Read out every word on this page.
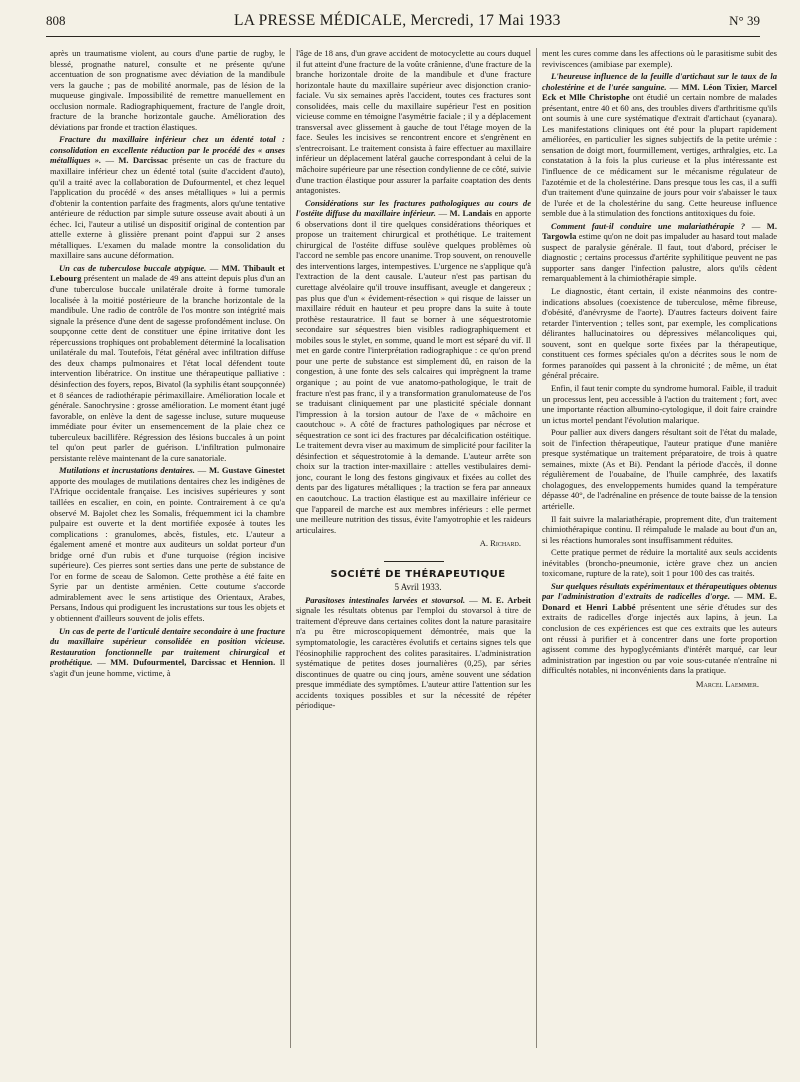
808	LA PRESSE MÉDICALE, Mercredi, 17 Mai 1933	N° 39

après un traumatisme violent, au cours d'une partie de rugby, le blessé, prognathe naturel, consulte et ne présente qu'une accentuation de son prognatisme avec déviation de la mandibule vers la gauche ; pas de mobilité anormale, pas de lésion de la muqueuse gingivale. Impossibilité de remettre manuellement en occlusion normale. Radiographiquement, fracture de l'angle droit, fracture de la branche horizontale gauche. Amélioration des déviations par fronde et traction élastiques.

Fracture du maxillaire inférieur chez un édenté total : consolidation en excellente réduction par le procédé des « anses métalliques ». — M. Darcissac présente un cas de fracture du maxillaire inférieur chez un édenté total (suite d'accident d'auto), qu'il a traité avec la collaboration de Dufourmentel, et chez lequel l'application du procédé « des anses métalliques » lui a permis d'obtenir la contention parfaite des fragments, alors qu'une tentative antérieure de réduction par simple suture osseuse avait abouti à un échec. Ici, l'auteur a utilisé un dispositif original de contention par attelle externe à glissière prenant point d'appui sur 2 anses métalliques. L'examen du malade montre la consolidation du maxillaire sans aucune déformation.

Un cas de tuberculose buccale atypique. — MM. Thibault et Lebourg présentent un malade de 49 ans atteint depuis plus d'un an d'une tuberculose buccale unilatérale droite à forme tumorale localisée à la moitié postérieure de la branche horizontale de la mandibule. Une radio de contrôle de l'os montre son intégrité mais signale la présence d'une dent de sagesse profondément incluse. On soupçonne cette dent de constituer une épine irritative dont les répercussions trophiques ont probablement déterminé la localisation unilatérale du mal. Toutefois, l'état général avec infiltration diffuse des deux champs pulmonaires et l'état local défendent toute intervention libératrice. On institue une thérapeutique palliative : désinfection des foyers, repos, Bivatol (la syphilis étant soupçonnée) et 8 séances de radiothérapie périmaxillaire. Amélioration locale et générale. Sanochrysine : grosse amélioration. Le moment étant jugé favorable, on enlève la dent de sagesse incluse, suture muqueuse immédiate pour éviter un ensemencement de la plaie chez ce tuberculeux bacillifère. Régression des lésions buccales à un point tel qu'on peut parler de guérison. L'infiltration pulmonaire persistante relève maintenant de la cure sanatoriale.

Mutilations et incrustations dentaires. — M. Gustave Ginestet apporte des moulages de mutilations dentaires chez les indigènes de l'Afrique occidentale française. Les incisives supérieures y sont taillées en escalier, en coin, en pointe. Contrairement à ce qu'a observé M. Bajolet chez les Somalis, fréquemment ici la chambre pulpaire est ouverte et la dent mortifiée exposée à toutes les complications : granulomes, abcès, fistules, etc. L'auteur a également amené et montre aux auditeurs un soldat porteur d'un bridge orné d'un rubis et d'une turquoise (région incisive supérieure). Ces pierres sont serties dans une perte de substance de l'or en forme de sceau de Salomon. Cette prothèse a été faite en Syrie par un dentiste arménien. Cette coutume s'accorde admirablement avec le sens artistique des Orientaux, Arabes, Persans, Indous qui prodiguent les incrustations sur tous les objets et y obtiennent d'ailleurs souvent de jolis effets.

Un cas de perte de l'articulé dentaire secondaire à une fracture du maxillaire supérieur consolidée en position vicieuse. Restauration fonctionnelle par traitement chirurgical et prothétique. — MM. Dufourmentel, Darcissac et Hennion. Il s'agit d'un jeune homme, victime, à

l'âge de 18 ans, d'un grave accident de motocyclette au cours duquel il fut atteint d'une fracture de la voûte crânienne, d'une fracture de la branche horizontale droite de la mandibule et d'une fracture horizontale haute du maxillaire supérieur avec disjonction cranio-faciale. Vu six semaines après l'accident, toutes ces fractures sont consolidées, mais celle du maxillaire supérieur l'est en position vicieuse comme en témoigne l'asymétrie faciale ; il y a déplacement transversal avec glissement à gauche de tout l'étage moyen de la face. Seules les incisives se rencontrent encore et s'engrènent en s'entrecroisant. Le traitement consista à faire effectuer au maxillaire inférieur un déplacement latéral gauche correspondant à celui de la mâchoire supérieure par une résection condylienne de ce côté, suivie d'une traction élastique pour assurer la parfaite coaptation des dents antagonistes.

Considérations sur les fractures pathologiques au cours de l'ostéite diffuse du maxillaire inférieur. — M. Landais en apporte 6 observations dont il tire quelques considérations théoriques et propose un traitement chirurgical et prothétique. Le traitement chirurgical de l'ostéite diffuse soulève quelques problèmes où l'accord ne semble pas encore unanime. Trop souvent, on renouvelle des interventions larges, intempestives. L'urgence ne s'applique qu'à l'extraction de la dent causale. L'auteur n'est pas partisan du curettage alvéolaire qu'il trouve insuffisant, aveugle et dangereux ; pas plus que d'un « évidement-résection » qui risque de laisser un maxillaire réduit en hauteur et peu propre dans la suite à toute prothèse restauratrice. Il faut se borner à une séquestrotomie secondaire sur séquestres bien visibles radiographiquement et mobiles sous le stylet, en somme, quand le mort est séparé du vif. Il met en garde contre l'interprétation radiographique : ce qu'on prend pour une perte de substance est simplement dû, en raison de la congestion, à une fonte des sels calcaires qui imprègnent la trame organique ; au point de vue anatomo-pathologique, le trait de fracture n'est pas franc, il y a transformation granulomateuse de l'os se traduisant cliniquement par une plasticité spéciale donnant l'impression à la torsion autour de l'axe de « mâchoire en caoutchouc ». A côté de fractures pathologiques par nécrose et séquestration ce sont ici des fractures par décalcification ostéitique. Le traitement devra viser au maximum de simplicité pour faciliter la désinfection et séquestrotomie à la demande. L'auteur arrête son choix sur la traction inter-maxillaire : attelles vestibulaires demi-jonc, courant le long des festons gingivaux et fixées au collet des dents par des ligatures métalliques ; la traction se fera par anneaux en caoutchouc. La traction élastique est au maxillaire inférieur ce que l'appareil de marche est aux membres inférieurs : elle permet une meilleure nutrition des tissus, évite l'amyotrophie et les raideurs articulaires.

A. Richard.

SOCIÉTÉ DE THÉRAPEUTIQUE

5 Avril 1933.

Parasitoses intestinales larvées et stovarsol. — M. E. Arbeit signale les résultats obtenus par l'emploi du stovarsol à titre de traitement d'épreuve dans certaines colites dont la nature parasitaire n'a pu être microscopiquement démontrée, mais que la symptomatologie, les caractères évolutifs et certains signes tels que l'éosinophilie rapprochent des colites parasitaires. L'administration systématique de petites doses journalières (0,25), par séries discontinues de quatre ou cinq jours, amène souvent une sédation presque immédiate des symptômes. L'auteur attire l'attention sur les accidents toxiques possibles et sur la nécessité de répéter périodique-

ment les cures comme dans les affections où le parasitisme subit des reviviscences (amibiase par exemple).

L'heureuse influence de la feuille d'artichaut sur le taux de la cholestérine et de l'urée sanguine. — MM. Léon Tixier, Marcel Eck et Mlle Christophe ont étudié un certain nombre de malades présentant, entre 40 et 60 ans, des troubles divers d'arthritisme qu'ils ont soumis à une cure systématique d'extrait d'artichaut (cyanara). Les manifestations cliniques ont été pour la plupart rapidement améliorées, en particulier les signes subjectifs de la petite urémie : sensation de doigt mort, fourmillement, vertiges, arthralgies, etc. La constatation à la fois la plus curieuse et la plus intéressante est l'influence de ce médicament sur le mécanisme régulateur de l'azotémie et de la cholestérine. Dans presque tous les cas, il a suffi d'un traitement d'une quinzaine de jours pour voir s'abaisser le taux de l'urée et de la cholestérine du sang. Cette heureuse influence semble due à la stimulation des fonctions antitoxiques du foie.

Comment faut-il conduire une malariathérapie ? — M. Targowla estime qu'on ne doit pas impaluder au hasard tout malade suspect de paralysie générale. Il faut, tout d'abord, préciser le diagnostic ; certains processus d'artérite syphilitique peuvent ne pas supporter sans danger l'infection palustre, alors qu'ils cèdent remarquablement à la chimiothérapie simple.

Le diagnostic, étant certain, il existe néanmoins des contre-indications absolues (coexistence de tuberculose, même fibreuse, d'obésité, d'anévrysme de l'aorte). D'autres facteurs doivent faire retarder l'intervention ; telles sont, par exemple, les complications délirantes hallucinatoires ou dépressives mélancoliques qui, souvent, sont en quelque sorte fixées par la thérapeutique, constituent ces formes spéciales qu'on a décrites sous le nom de formes paranoïdes qui passent à la chronicité ; de même, un état général précaire.

Enfin, il faut tenir compte du syndrome humoral. Faible, il traduit un processus lent, peu accessible à l'action du traitement ; fort, avec une importante réaction albumino-cytologique, il doit faire craindre un ictus mortel pendant l'évolution malarique.

Pour pallier aux divers dangers résultant soit de l'état du malade, soit de l'infection thérapeutique, l'auteur pratique d'une manière presque systématique un traitement préparatoire, de trois à quatre semaines, mixte (As et Bi). Pendant la période d'accès, il donne régulièrement de l'ouabaïne, de l'huile camphrée, des laxatifs cholagogues, des enveloppements humides quand la température dépasse 40°, de l'adrénaline en présence de toute baisse de la tension artérielle.

Il fait suivre la malariathérapie, proprement dite, d'un traitement chimiothérapique continu. Il réimpalude le malade au bout d'un an, si les réactions humorales sont insuffisamment réduites.

Cette pratique permet de réduire la mortalité aux seuls accidents inévitables (broncho-pneumonie, ictère grave chez un ancien toxicomane, rupture de la rate), soit 1 pour 100 des cas traités.

Sur quelques résultats expérimentaux et thérapeutiques obtenus par l'administration d'extraits de radicelles d'orge. — MM. E. Donard et Henri Labbé présentent une série d'études sur des extraits de radicelles d'orge injectés aux lapins, à jeun. La conclusion de ces expériences est que ces extraits que les auteurs ont réussi à purifier et à concentrer dans une forte proportion agissent comme des hypoglycémiants d'intérêt marqué, car leur administration par ingestion ou par voie sous-cutanée n'entraîne ni difficultés notables, ni inconvénients dans la pratique.

Marcel Laemmer.
